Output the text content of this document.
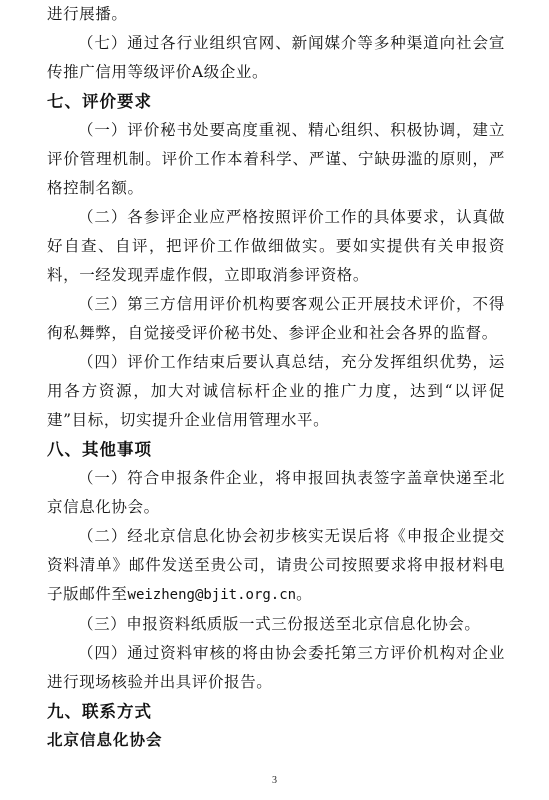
进行展播。

（七）通过各行业组织官网、新闻媒介等多种渠道向社会宣传推广信用等级评价A级企业。

七、评价要求

（一）评价秘书处要高度重视、精心组织、积极协调，建立评价管理机制。评价工作本着科学、严谨、宁缺毋滥的原则，严格控制名额。

（二）各参评企业应严格按照评价工作的具体要求，认真做好自查、自评，把评价工作做细做实。要如实提供有关申报资料，一经发现弄虚作假，立即取消参评资格。

（三）第三方信用评价机构要客观公正开展技术评价，不得徇私舞弊，自觉接受评价秘书处、参评企业和社会各界的监督。

（四）评价工作结束后要认真总结，充分发挥组织优势，运用各方资源，加大对诚信标杆企业的推广力度，达到“以评促建”目标，切实提升企业信用管理水平。

八、其他事项

（一）符合申报条件企业，将申报回执表签字盖章快递至北京信息化协会。

（二）经北京信息化协会初步核实无误后将《申报企业提交资料清单》邮件发送至贵公司，请贵公司按照要求将申报材料电子版邮件至weizheng@bjit.org.cn。

（三）申报资料纸质版一式三份报送至北京信息化协会。

（四）通过资料审核的将由协会委托第三方评价机构对企业进行现场核验并出具评价报告。

九、联系方式

北京信息化协会

3
